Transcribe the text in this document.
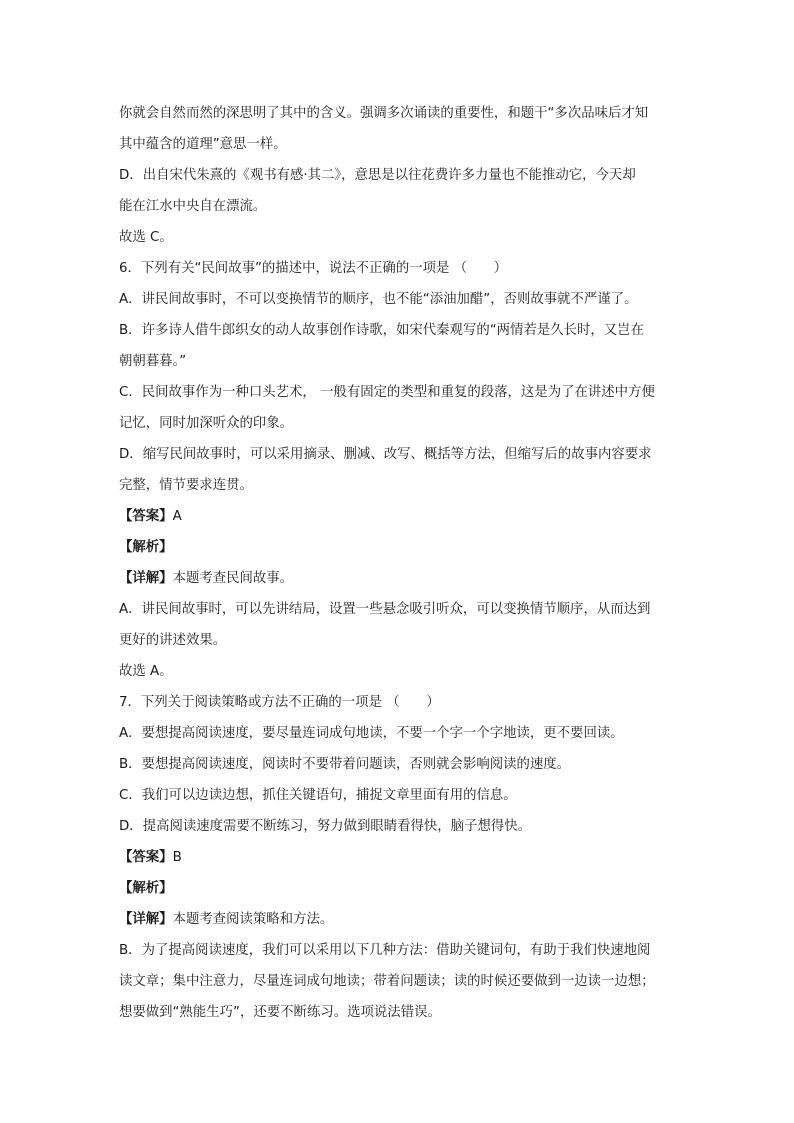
你就会自然而然的深思明了其中的含义。强调多次诵读的重要性，和题干“多次品味后才知
其中蕴含的道理”意思一样。
D．出自宋代朱熹的《观书有感·其二》，意思是以往花费许多力量也不能推动它，今天却
能在江水中央自在漂流。
故选 C。
6．下列有关“民间故事”的描述中，说法不正确的一项是 （　　）
A．讲民间故事时，不可以变换情节的顺序，也不能“添油加醋”，否则故事就不严谨了。
B．许多诗人借牛郎织女的动人故事创作诗歌，如宋代秦观写的“两情若是久长时，又岂在
朝朝暮暮。”
C．民间故事作为一种口头艺术， 一般有固定的类型和重复的段落，这是为了在讲述中方便
记忆，同时加深听众的印象。
D．缩写民间故事时，可以采用摘录、删减、改写、概括等方法，但缩写后的故事内容要求
完整，情节要求连贯。
【答案】A
【解析】
【详解】本题考查民间故事。
A．讲民间故事时，可以先讲结局，设置一些悬念吸引听众，可以变换情节顺序，从而达到
更好的讲述效果。
故选 A。
7．下列关于阅读策略或方法不正确的一项是 （　　）
A．要想提高阅读速度，要尽量连词成句地读，不要一个字一个字地读，更不要回读。
B．要想提高阅读速度，阅读时不要带着问题读，否则就会影响阅读的速度。
C．我们可以边读边想，抓住关键语句，捕捉文章里面有用的信息。
D．提高阅读速度需要不断练习，努力做到眼睛看得快，脑子想得快。
【答案】B
【解析】
【详解】本题考查阅读策略和方法。
B．为了提高阅读速度，我们可以采用以下几种方法：借助关键词句，有助于我们快速地阅
读文章；集中注意力，尽量连词成句地读；带着问题读；读的时候还要做到一边读一边想；
想要做到“熟能生巧”，还要不断练习。选项说法错误。
